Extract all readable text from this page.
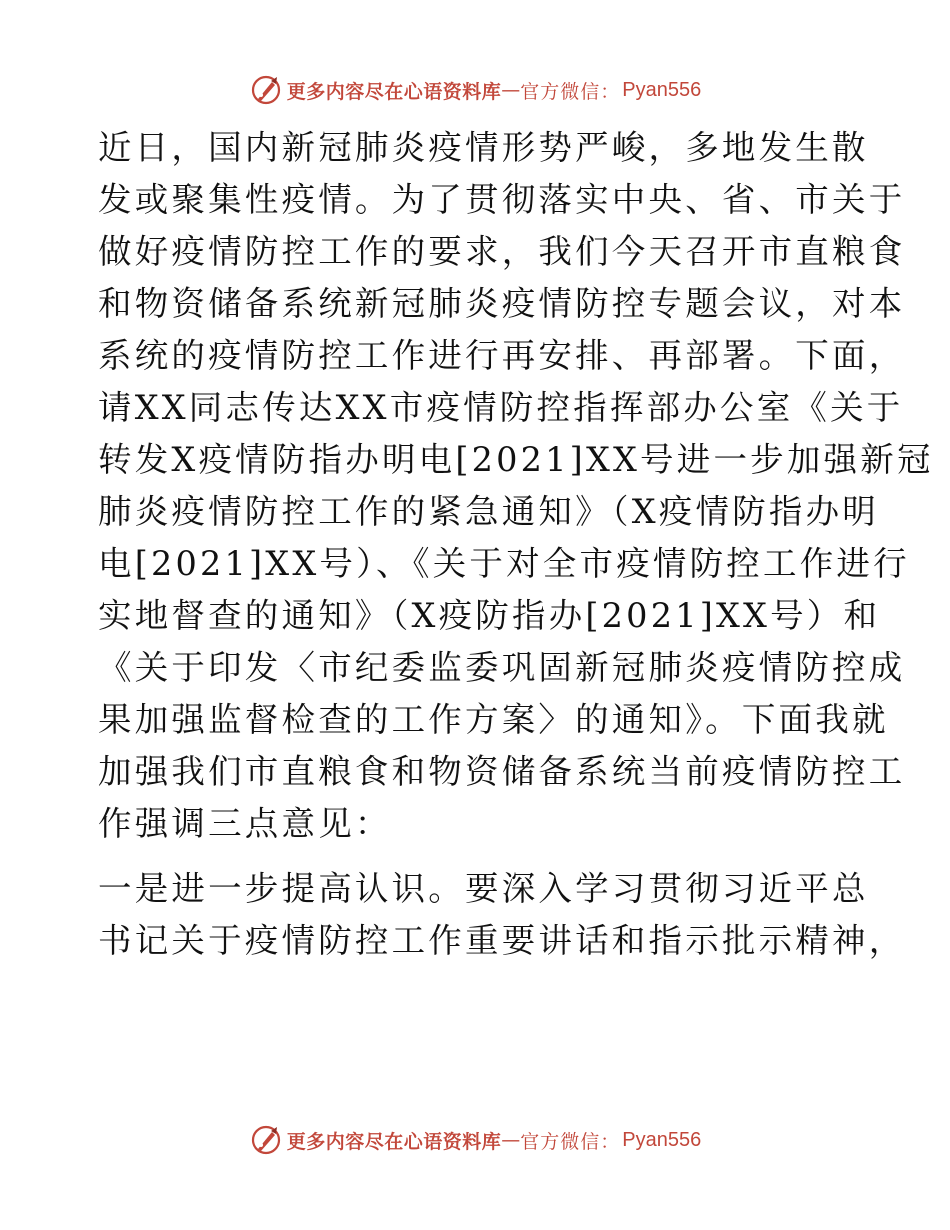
更多内容尽在心语资料库 — 官方微信： Pyan556
近日，国内新冠肺炎疫情形势严峻，多地发生散
发或聚集性疫情。为了贯彻落实中央、省、市关于
做好疫情防控工作的要求，我们今天召开市直粮食
和物资储备系统新冠肺炎疫情防控专题会议，对本
系统的疫情防控工作进行再安排、再部署。下面，
请XX同志传达XX市疫情防控指挥部办公室《关于
转发X疫情防指办明电[2021]XX号进一步加强新冠
肺炎疫情防控工作的紧急通知》（X疫情防指办明
电[2021]XX号）、《关于对全市疫情防控工作进行
实地督查的通知》（X疫防指办[2021]XX号）和
《关于印发〈市纪委监委巩固新冠肺炎疫情防控成
果加强监督检查的工作方案〉的通知》。下面我就
加强我们市直粮食和物资储备系统当前疫情防控工
作强调三点意见：
一是进一步提高认识。要深入学习贯彻习近平总
书记关于疫情防控工作重要讲话和指示批示精神，
更多内容尽在心语资料库 — 官方微信： Pyan556
